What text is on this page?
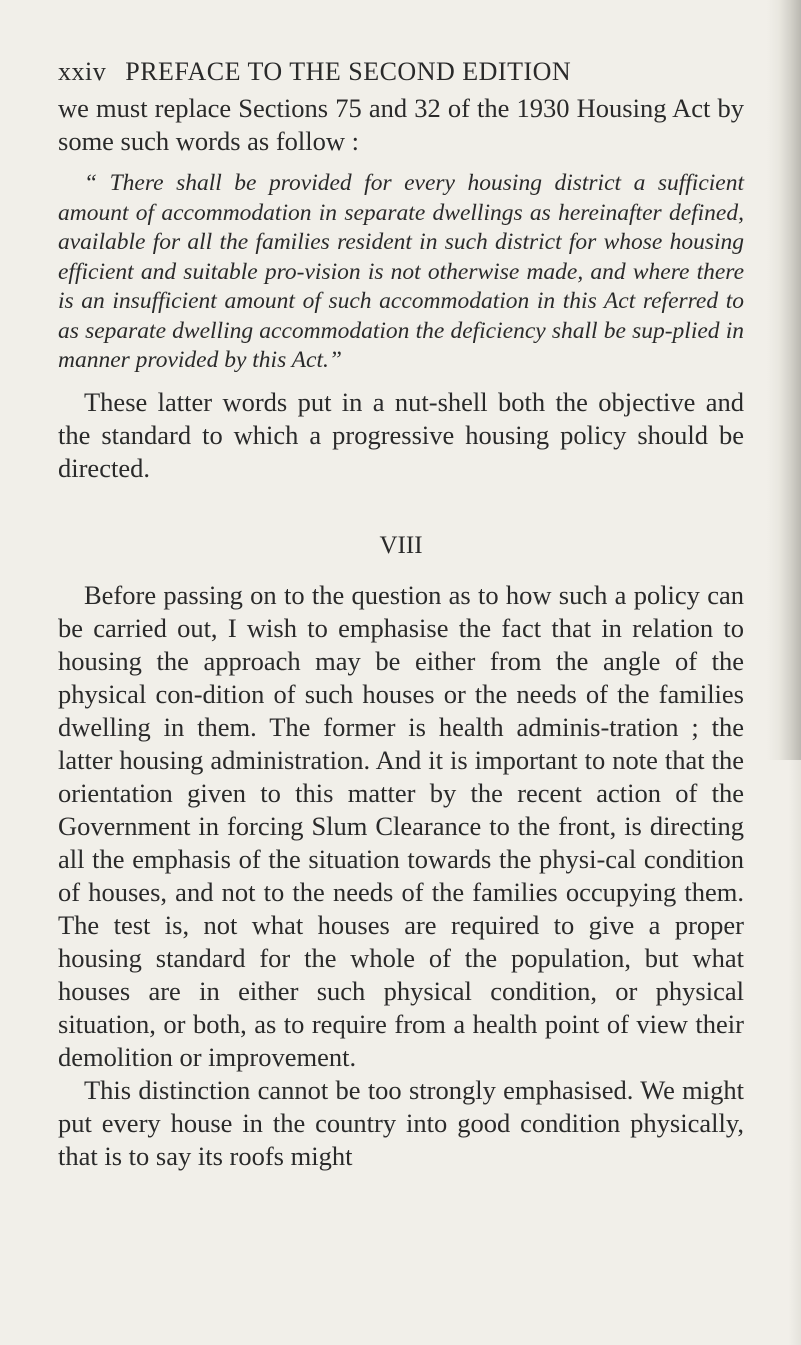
xxiv PREFACE TO THE SECOND EDITION

we must replace Sections 75 and 32 of the 1930 Housing Act by some such words as follow :

“ There shall be provided for every housing district a sufficient amount of accommodation in separate dwellings as hereinafter defined, available for all the families resident in such district for whose housing efficient and suitable pro-vision is not otherwise made, and where there is an insufficient amount of such accommodation in this Act referred to as separate dwelling accommodation the deficiency shall be sup-plied in manner provided by this Act.”

These latter words put in a nut-shell both the objective and the standard to which a progressive housing policy should be directed.

VIII

Before passing on to the question as to how such a policy can be carried out, I wish to emphasise the fact that in relation to housing the approach may be either from the angle of the physical con-dition of such houses or the needs of the families dwelling in them. The former is health adminis-tration ; the latter housing administration. And it is important to note that the orientation given to this matter by the recent action of the Government in forcing Slum Clearance to the front, is directing all the emphasis of the situation towards the physi-cal condition of houses, and not to the needs of the families occupying them. The test is, not what houses are required to give a proper housing standard for the whole of the population, but what houses are in either such physical condition, or physical situation, or both, as to require from a health point of view their demolition or improvement.

This distinction cannot be too strongly emphasised. We might put every house in the country into good condition physically, that is to say its roofs might
